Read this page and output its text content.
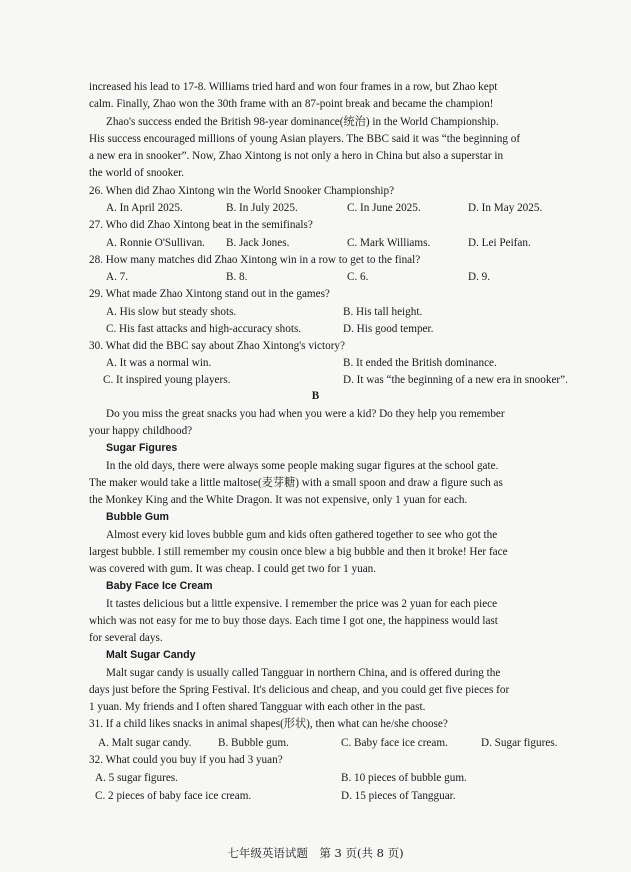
increased his lead to 17-8. Williams tried hard and won four frames in a row, but Zhao kept
calm. Finally, Zhao won the 30th frame with an 87-point break and became the champion!
Zhao's success ended the British 98-year dominance(统治) in the World Championship.
His success encouraged millions of young Asian players. The BBC said it was “the beginning of
a new era in snooker”. Now, Zhao Xintong is not only a hero in China but also a superstar in
the world of snooker.
26. When did Zhao Xintong win the World Snooker Championship?
A. In April 2025.	B. In July 2025.	C. In June 2025.	D. In May 2025.
27. Who did Zhao Xintong beat in the semifinals?
A. Ronnie O'Sullivan. B. Jack Jones.	C. Mark Williams.	D. Lei Peifan.
28. How many matches did Zhao Xintong win in a row to get to the final?
A. 7.	B. 8.	C. 6.	D. 9.
29. What made Zhao Xintong stand out in the games?
A. His slow but steady shots.	B. His tall height.
C. His fast attacks and high-accuracy shots.	D. His good temper.
30. What did the BBC say about Zhao Xintong's victory?
A. It was a normal win.	B. It ended the British dominance.
C. It inspired young players.	D. It was “the beginning of a new era in snooker”.
B
Do you miss the great snacks you had when you were a kid? Do they help you remember
your happy childhood?
Sugar Figures
In the old days, there were always some people making sugar figures at the school gate.
The maker would take a little maltose(麦芽糖) with a small spoon and draw a figure such as
the Monkey King and the White Dragon. It was not expensive, only 1 yuan for each.
Bubble Gum
Almost every kid loves bubble gum and kids often gathered together to see who got the
largest bubble. I still remember my cousin once blew a big bubble and then it broke! Her face
was covered with gum. It was cheap. I could get two for 1 yuan.
Baby Face Ice Cream
It tastes delicious but a little expensive. I remember the price was 2 yuan for each piece
which was not easy for me to buy those days. Each time I got one, the happiness would last
for several days.
Malt Sugar Candy
Malt sugar candy is usually called Tangguar in northern China, and is offered during the
days just before the Spring Festival. It's delicious and cheap, and you could get five pieces for
1 yuan. My friends and I often shared Tangguar with each other in the past.
31. If a child likes snacks in animal shapes(形状), then what can he/she choose?
A. Malt sugar candy. B. Bubble gum.	C. Baby face ice cream.	D. Sugar figures.
32. What could you buy if you had 3 yuan?
A. 5 sugar figures.	B. 10 pieces of bubble gum.
C. 2 pieces of baby face ice cream.	D. 15 pieces of Tangguar.
七年级英语试题　第 3 页(共 8 页)
